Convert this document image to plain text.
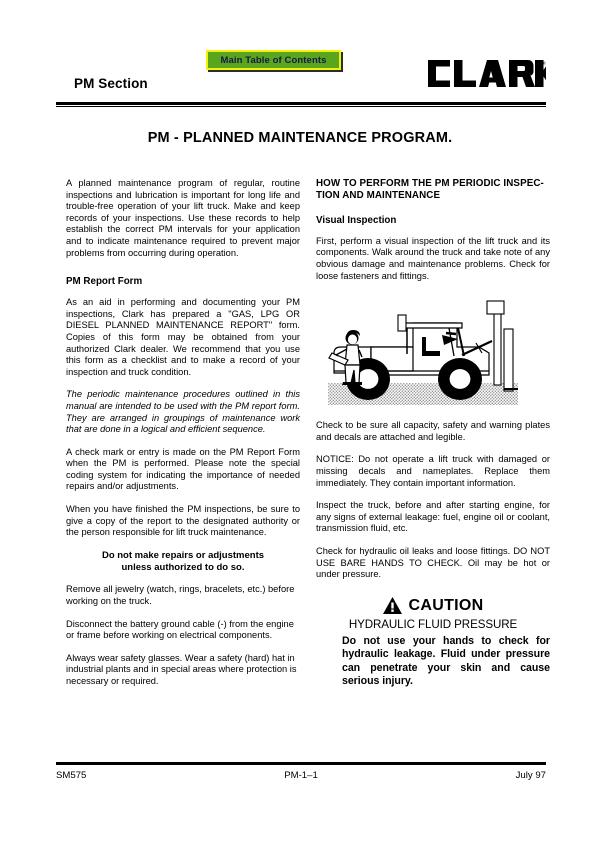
Main Table of Contents
PM Section
®
PM - PLANNED MAINTENANCE PROGRAM.

A planned maintenance program of regular, routine inspections and lubrication is important for long life and trouble-free operation of your lift truck. Make and keep records of your inspections. Use these records to help establish the correct PM intervals for your application and to indicate maintenance required to prevent major problems from occurring during operation.

PM Report Form

As an aid in performing and documenting your PM inspections, Clark has prepared a "GAS, LPG OR DIESEL PLANNED MAINTENANCE REPORT" form. Copies of this form may be obtained from your authorized Clark dealer. We recommend that you use this form as a checklist and to make a record of your inspection and truck condition.

The periodic maintenance procedures outlined in this manual are intended to be used with the PM report form. They are arranged in groupings of maintenance work that are done in a logical and efficient sequence.

A check mark or entry is made on the PM Report Form when the PM is performed. Please note the special coding system for indicating the importance of needed repairs and/or adjustments.

When you have finished the PM inspections, be sure to give a copy of the report to the designated authority or the person responsible for lift truck maintenance.

Do not make repairs or adjustments
unless authorized to do so.

Remove all jewelry (watch, rings, bracelets, etc.) before working on the truck.

Disconnect the battery ground cable (-) from the engine or frame before working on electrical components.

Always wear safety glasses. Wear a safety (hard) hat in industrial plants and in special areas where protection is necessary or required.

HOW TO PERFORM THE PM PERIODIC INSPEC- TION AND MAINTENANCE
Visual Inspection

First, perform a visual inspection of the lift truck and its components. Walk around the truck and take note of any obvious damage and maintenance problems. Check for loose fasteners and fittings.

Check to be sure all capacity, safety and warning plates and decals are attached and legible.

NOTICE: Do not operate a lift truck with damaged or missing decals and nameplates. Replace them immediately. They contain important information.

Inspect the truck, before and after starting engine, for any signs of external leakage: fuel, engine oil or coolant, transmission fluid, etc.

Check for hydraulic oil leaks and loose fittings. DO NOT USE BARE HANDS TO CHECK. Oil may be hot or under pressure.

CAUTION
HYDRAULIC FLUID PRESSURE

Do not use your hands to check for hydraulic leakage. Fluid under pressure can penetrate your skin and cause serious injury.

SM575	PM-1–1	July 97
